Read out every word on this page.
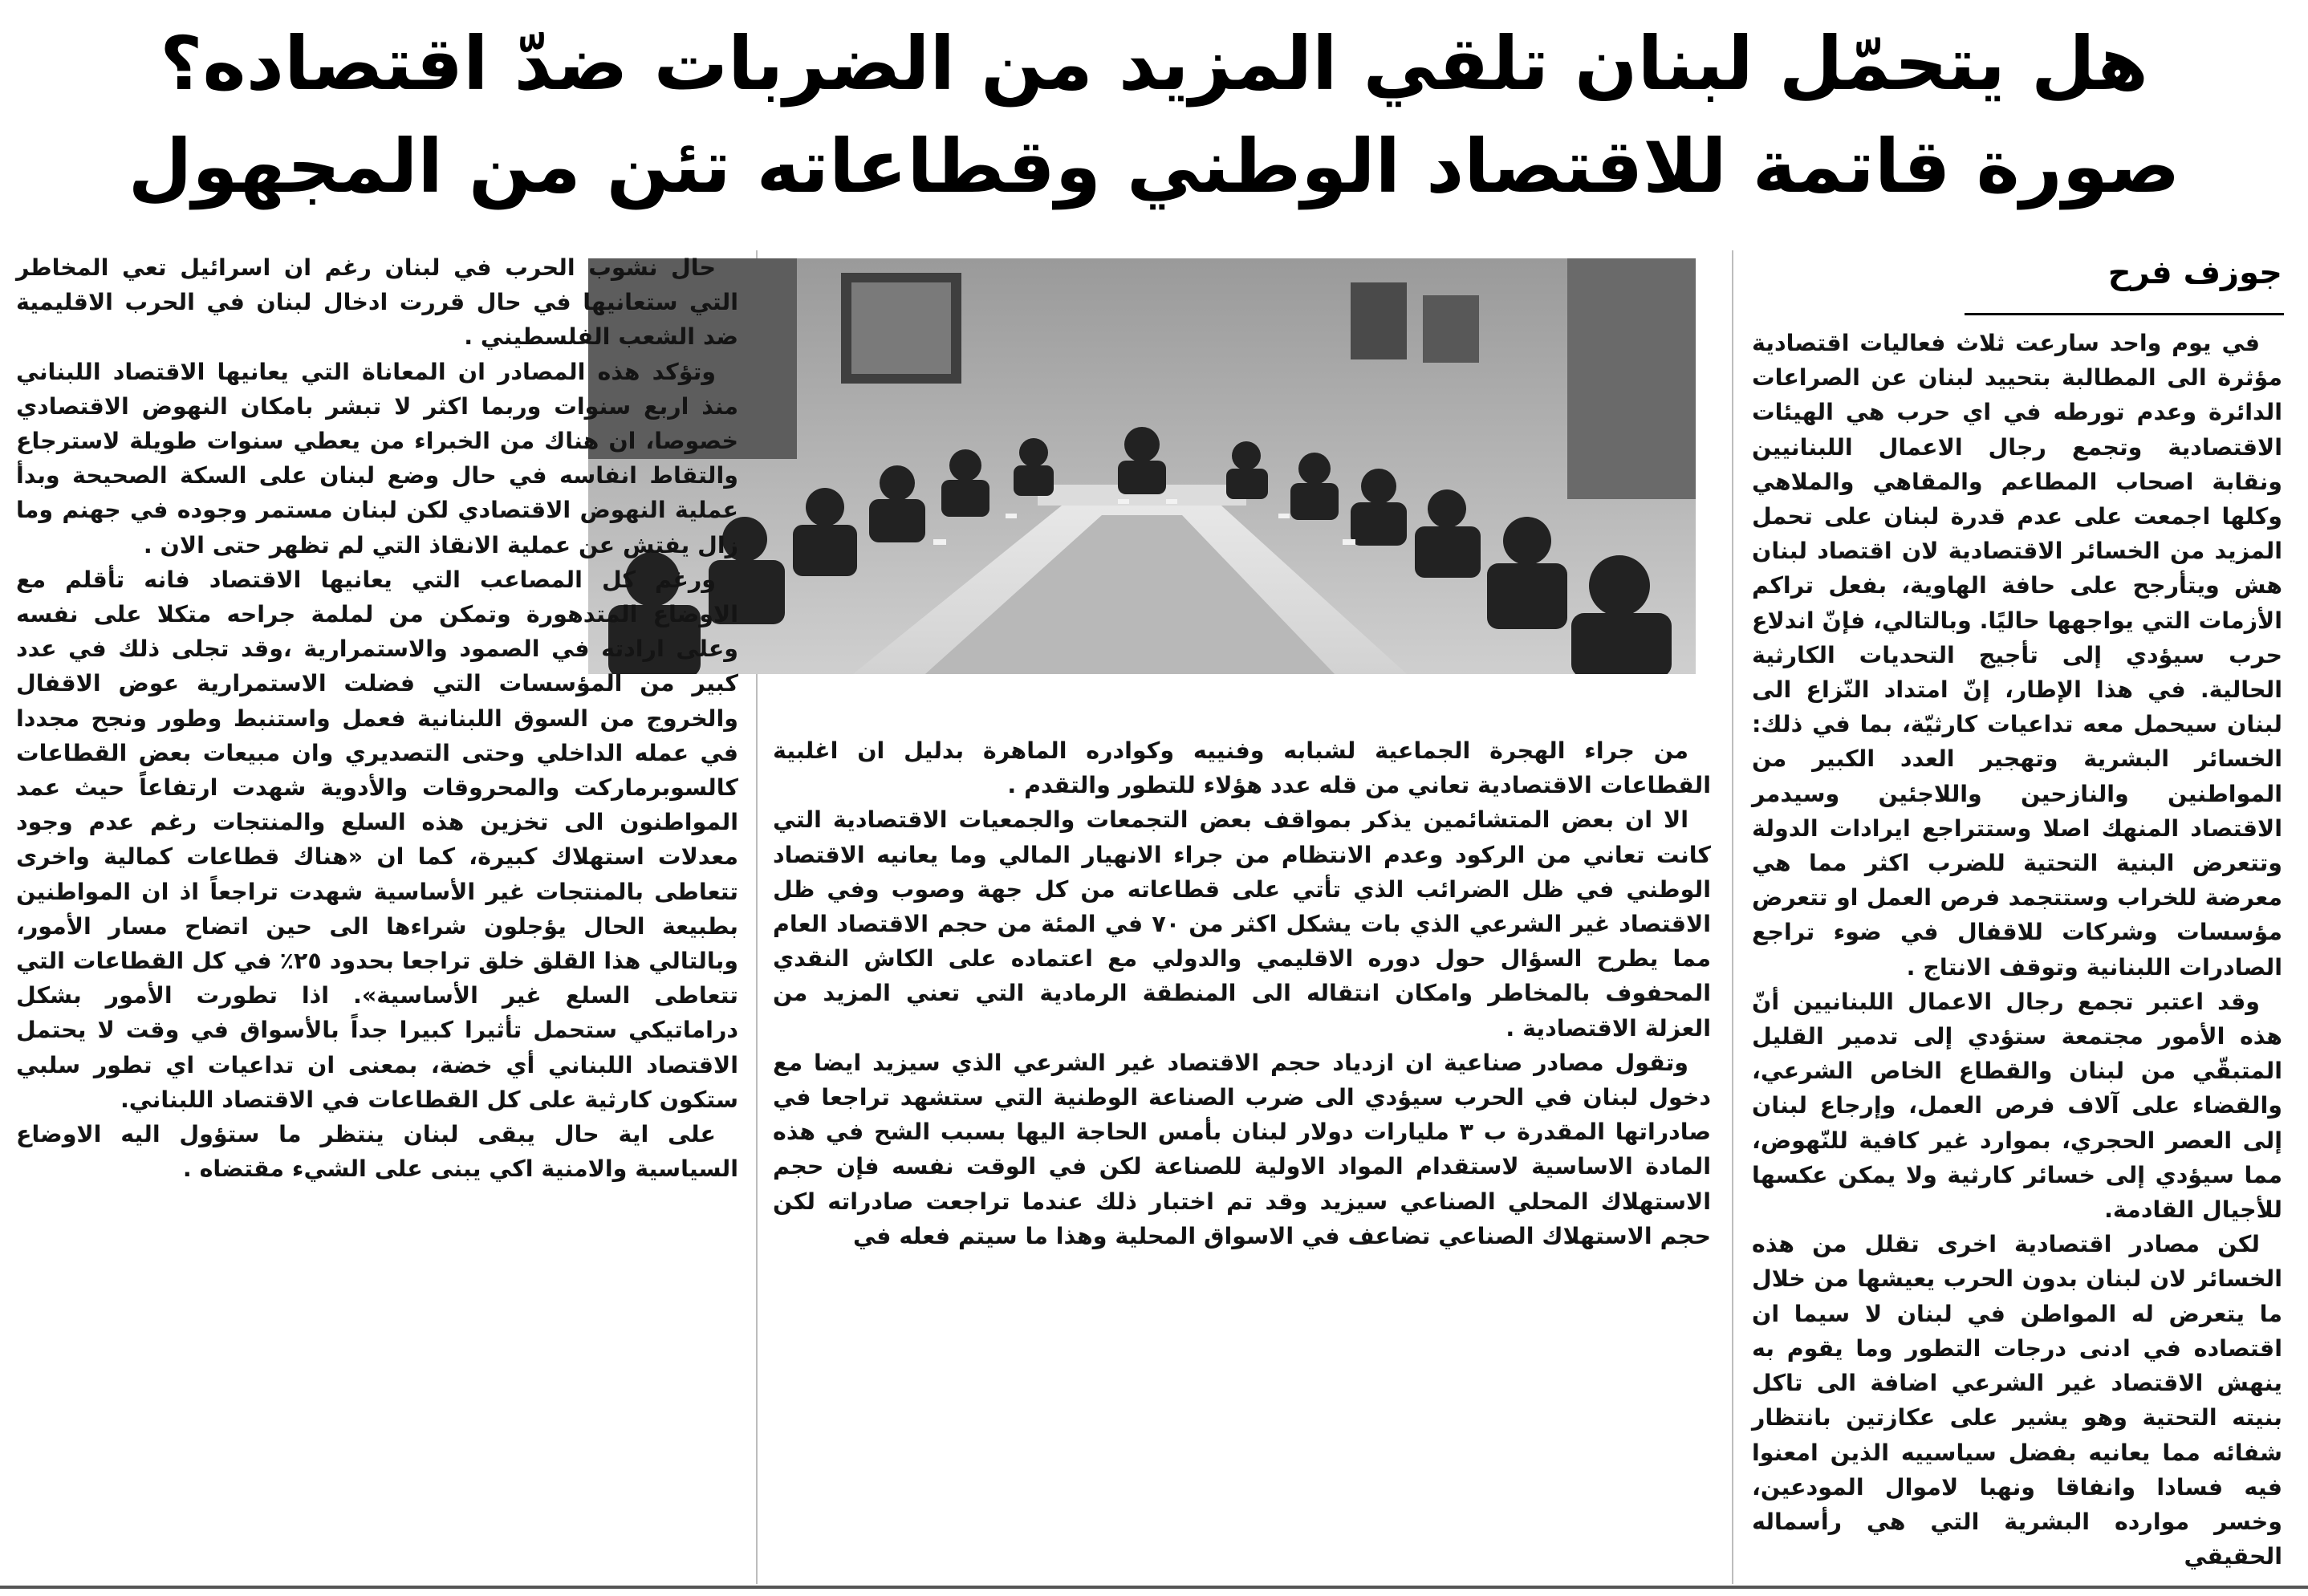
هل يتحمّل لبنان تلقي المزيد من الضربات ضدّ اقتصاده؟
صورة قاتمة للاقتصاد الوطني وقطاعاته تئن من المجهول
جوزف فرح

في يوم واحد سارعت ثلاث فعاليات اقتصادية مؤثرة الى المطالبة بتحييد لبنان عن الصراعات الدائرة وعدم تورطه في اي حرب هي الهيئات الاقتصادية وتجمع رجال الاعمال اللبنانيين ونقابة اصحاب المطاعم والمقاهي والملاهي وكلها اجمعت على عدم قدرة لبنان على تحمل المزيد من الخسائر الاقتصادية لان اقتصاد لبنان هش ويتأرجح على حافة الهاوية، بفعل تراكم الأزمات التي يواجهها حاليًا. وبالتالي، فإنّ اندلاع حرب سيؤدي إلى تأجيج التحديات الكارثية الحالية. في هذا الإطار، إنّ امتداد النّزاع الى لبنان سيحمل معه تداعيات كارثيّة، بما في ذلك: الخسائر البشرية وتهجير العدد الكبير من المواطنين والنازحين واللاجئين وسيدمر الاقتصاد المنهك اصلا وستتراجع ايرادات الدولة وتتعرض البنية التحتية للضرب اكثر مما هي معرضة للخراب وستتجمد فرص العمل او تتعرض مؤسسات وشركات للاقفال في ضوء تراجع الصادرات اللبنانية وتوقف الانتاج .

وقد اعتبر تجمع رجال الاعمال اللبنانيين أنّ هذه الأمور مجتمعة ستؤدي إلى تدمير القليل المتبقّي من لبنان والقطاع الخاص الشرعي، والقضاء على آلاف فرص العمل، وإرجاع لبنان إلى العصر الحجري، بموارد غير كافية للنّهوض، مما سيؤدي إلى خسائر كارثية ولا يمكن عكسها للأجيال القادمة.

لكن مصادر اقتصادية اخرى تقلل من هذه الخسائر لان لبنان بدون الحرب يعيشها من خلال ما يتعرض له المواطن في لبنان لا سيما ان اقتصاده في ادنى درجات التطور وما يقوم به ينهش الاقتصاد غير الشرعي اضافة الى تاكل بنيته التحتية وهو يشير على عكازتين بانتظار شفائه مما يعانيه بفضل سياسييه الذين امعنوا فيه فسادا وانفاقا ونهبا لاموال المودعين، وخسر موارده البشرية التي هي رأسماله الحقيقي

من جراء الهجرة الجماعية لشبابه وفنييه وكوادره الماهرة بدليل ان اغلبية القطاعات الاقتصادية تعاني من قله عدد هؤلاء للتطور والتقدم .

الا ان بعض المتشائمين يذكر بمواقف بعض التجمعات والجمعيات الاقتصادية التي كانت تعاني من الركود وعدم الانتظام من جراء الانهيار المالي وما يعانيه الاقتصاد الوطني في ظل الضرائب الذي تأتي على قطاعاته من كل جهة وصوب وفي ظل الاقتصاد غير الشرعي الذي بات يشكل اكثر من ٧٠ في المئة من حجم الاقتصاد العام مما يطرح السؤال حول دوره الاقليمي والدولي مع اعتماده على الكاش النقدي المحفوف بالمخاطر وامكان انتقاله الى المنطقة الرمادية التي تعني المزيد من العزلة الاقتصادية .

وتقول مصادر صناعية ان ازدياد حجم الاقتصاد غير الشرعي الذي سيزيد ايضا مع دخول لبنان في الحرب سيؤدي الى ضرب الصناعة الوطنية التي ستشهد تراجعا في صادراتها المقدرة ب ٣ مليارات دولار لبنان بأمس الحاجة اليها بسبب الشح في هذه المادة الاساسية لاستقدام المواد الاولية للصناعة لكن في الوقت نفسه فإن حجم الاستهلاك المحلي الصناعي سيزيد وقد تم اختبار ذلك عندما تراجعت صادراته لكن حجم الاستهلاك الصناعي تضاعف في الاسواق المحلية وهذا ما سيتم فعله في

حال نشوب الحرب في لبنان رغم ان اسرائيل تعي المخاطر التي ستعانيها في حال قررت ادخال لبنان في الحرب الاقليمية ضد الشعب الفلسطيني .

وتؤكد هذه المصادر ان المعاناة التي يعانيها الاقتصاد اللبناني منذ اربع سنوات وربما اكثر لا تبشر بامكان النهوض الاقتصادي خصوصا، ان هناك من الخبراء من يعطي سنوات طويلة لاسترجاع والتقاط انفاسه في حال وضع لبنان على السكة الصحيحة وبدأ عملية النهوض الاقتصادي لكن لبنان مستمر وجوده في جهنم وما زال يفتش عن عملية الانقاذ التي لم تظهر حتى الان .

ورغم كل المصاعب التي يعانيها الاقتصاد فانه تأقلم مع الاوضاع المتدهورة وتمكن من لملمة جراحه متكلا على نفسه وعلى ارادته في الصمود والاستمرارية ،وقد تجلى ذلك في عدد كبير من المؤسسات التي فضلت الاستمرارية عوض الاقفال والخروج من السوق اللبنانية فعمل واستنبط وطور ونجح مجددا في عمله الداخلي وحتى التصديري وان مبيعات بعض القطاعات كالسوبرماركت والمحروقات والأدوية شهدت ارتفاعاً حيث عمد المواطنون الى تخزين هذه السلع والمنتجات رغم عدم وجود معدلات استهلاك كبيرة، كما ان «هناك قطاعات كمالية واخرى تتعاطى بالمنتجات غير الأساسية شهدت تراجعاً اذ ان المواطنين بطبيعة الحال يؤجلون شراءها الى حين اتضاح مسار الأمور، وبالتالي هذا القلق خلق تراجعا بحدود ٢٥٪ في كل القطاعات التي تتعاطى السلع غير الأساسية». اذا تطورت الأمور بشكل دراماتيكي ستحمل تأثيرا كبيرا جداً بالأسواق في وقت لا يحتمل الاقتصاد اللبناني أي خضة، بمعنى ان تداعيات اي تطور سلبي ستكون كارثية على كل القطاعات في الاقتصاد اللبناني.

على اية حال يبقى لبنان ينتظر ما ستؤول اليه الاوضاع السياسية والامنية اكي يبنى على الشيء مقتضاه .
